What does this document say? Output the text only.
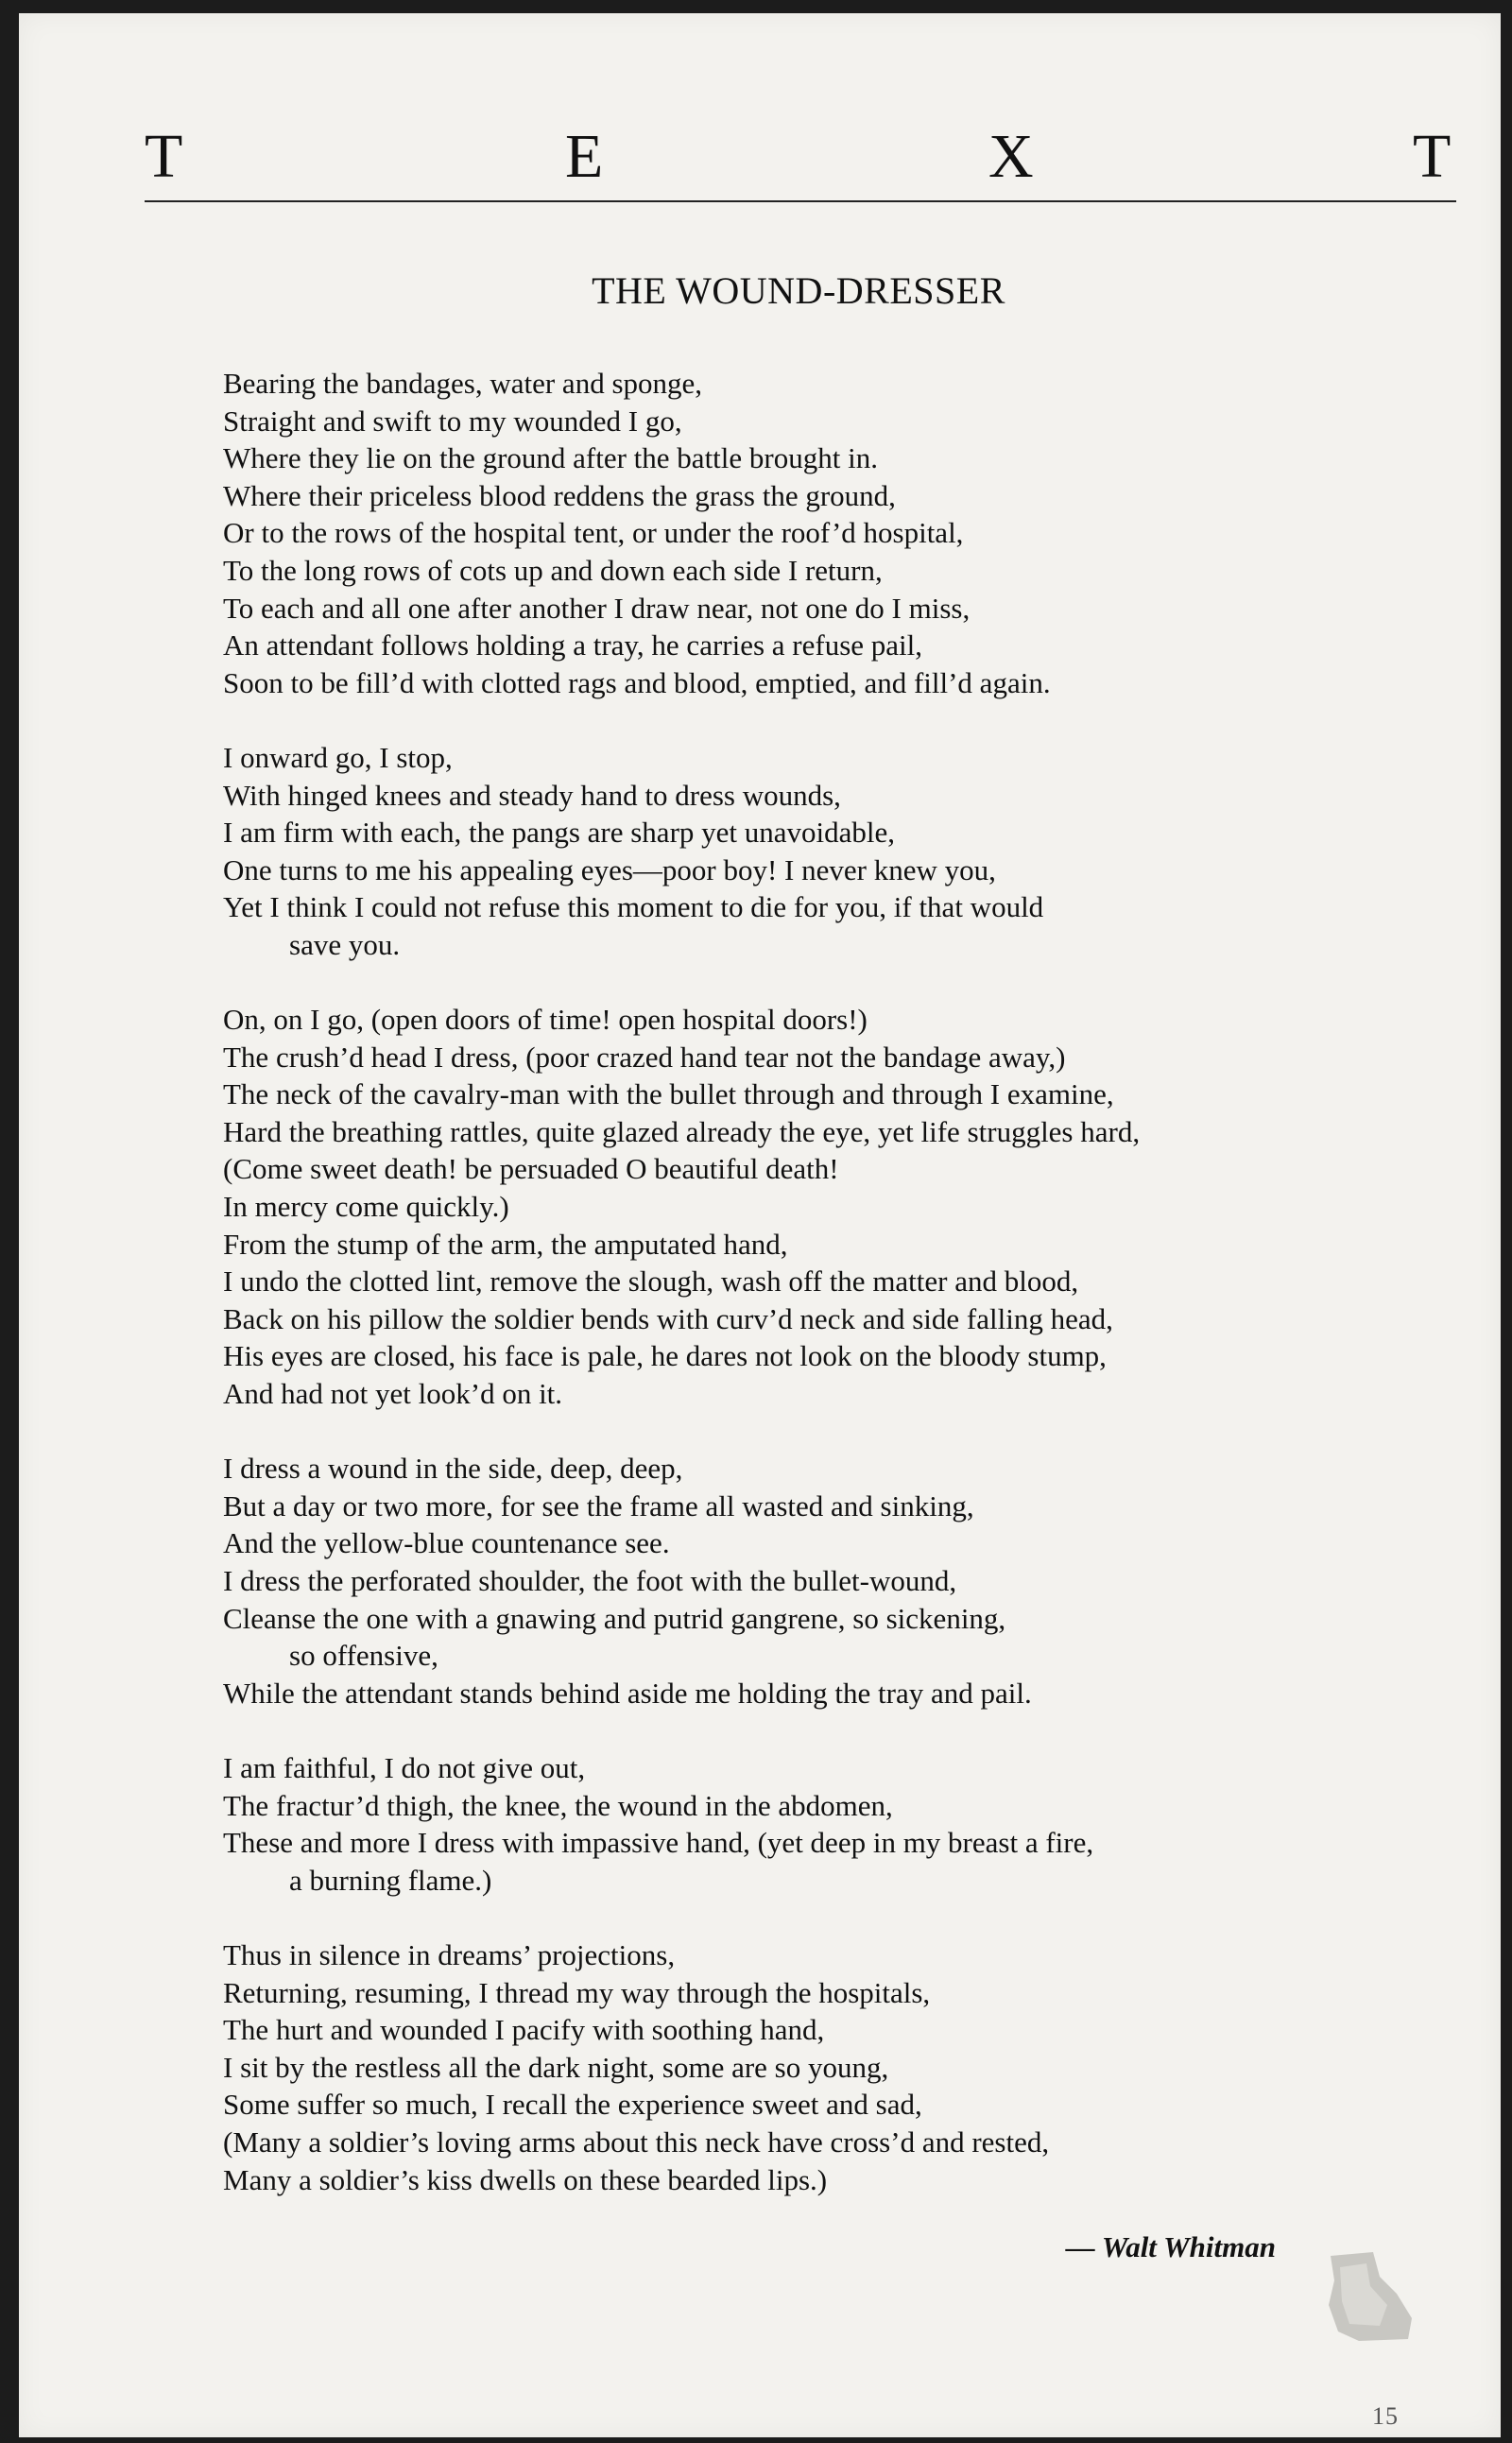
T	E	X	T
THE WOUND-DRESSER
Bearing the bandages, water and sponge,
Straight and swift to my wounded I go,
Where they lie on the ground after the battle brought in.
Where their priceless blood reddens the grass the ground,
Or to the rows of the hospital tent, or under the roof’d hospital,
To the long rows of cots up and down each side I return,
To each and all one after another I draw near, not one do I miss,
An attendant follows holding a tray, he carries a refuse pail,
Soon to be fill’d with clotted rags and blood, emptied, and fill’d again.
I onward go, I stop,
With hinged knees and steady hand to dress wounds,
I am firm with each, the pangs are sharp yet unavoidable,
One turns to me his appealing eyes—poor boy! I never knew you,
Yet I think I could not refuse this moment to die for you, if that would
save you.
On, on I go, (open doors of time! open hospital doors!)
The crush’d head I dress, (poor crazed hand tear not the bandage away,)
The neck of the cavalry-man with the bullet through and through I examine,
Hard the breathing rattles, quite glazed already the eye, yet life struggles hard,
(Come sweet death! be persuaded O beautiful death!
In mercy come quickly.)
From the stump of the arm, the amputated hand,
I undo the clotted lint, remove the slough, wash off the matter and blood,
Back on his pillow the soldier bends with curv’d neck and side falling head,
His eyes are closed, his face is pale, he dares not look on the bloody stump,
And had not yet look’d on it.
I dress a wound in the side, deep, deep,
But a day or two more, for see the frame all wasted and sinking,
And the yellow-blue countenance see.
I dress the perforated shoulder, the foot with the bullet-wound,
Cleanse the one with a gnawing and putrid gangrene, so sickening,
so offensive,
While the attendant stands behind aside me holding the tray and pail.
I am faithful, I do not give out,
The fractur’d thigh, the knee, the wound in the abdomen,
These and more I dress with impassive hand, (yet deep in my breast a fire,
a burning flame.)
Thus in silence in dreams’ projections,
Returning, resuming, I thread my way through the hospitals,
The hurt and wounded I pacify with soothing hand,
I sit by the restless all the dark night, some are so young,
Some suffer so much, I recall the experience sweet and sad,
(Many a soldier’s loving arms about this neck have cross’d and rested,
Many a soldier’s kiss dwells on these bearded lips.)
— Walt Whitman
15
